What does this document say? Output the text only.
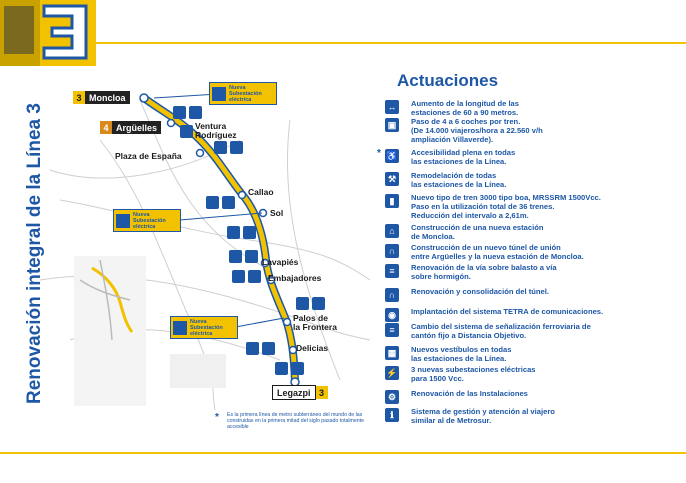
Renovación integral de la Línea 3
3 Moncloa
4 Argüelles
Legazpi 3
Ventura
Rodríguez
Plaza de España
Callao
Sol
Lavapiés
Embajadores
Palos de
la Frontera
Delicias
Nueva
Subestación eléctrica
Nueva
Subestación eléctrica
Nueva
Subestación eléctrica
* Es la primera línea de metro subterráneo del mundo de las construidas en la primera mitad del siglo pasado totalmente accesible
Actuaciones
↔	Aumento de la longitud de las
estaciones de 60 a 90 metros.
▣	Paso de 4 a 6 coches por tren.
(De 14.000 viajeros/hora a 22.560 v/h
ampliación Villaverde).
♿ Accesibilidad plena en todas
las estaciones de la Línea.
*
⚒	Remodelación de todas
las estaciones de la Línea.
▮	Nuevo tipo de tren 3000 tipo boa, MRSSRM 1500Vcc.
Paso en la utilización total de 36 trenes.
Reducción del intervalo a 2,61m.
⌂	Construcción de una nueva estación
de Moncloa.
∩	Construcción de un nuevo túnel de unión
entre Argüelles y la nueva estación de Moncloa.
≡	Renovación de la vía sobre balasto a vía
sobre hormigón.
∩	Renovación y consolidación del túnel.
◉	Implantación del sistema TETRA de comunicaciones.
≡	Cambio del sistema de señalización ferroviaria de
cantón fijo a Distancia Objetivo.
▦	Nuevos vestíbulos en todas
las estaciones de la Línea.
⚡ 3 nuevas subestaciones eléctricas
para 1500 Vcc.
⚙	Renovación de las Instalaciones
ℹ	Sistema de gestión y atención al viajero
similar al de Metrosur.
